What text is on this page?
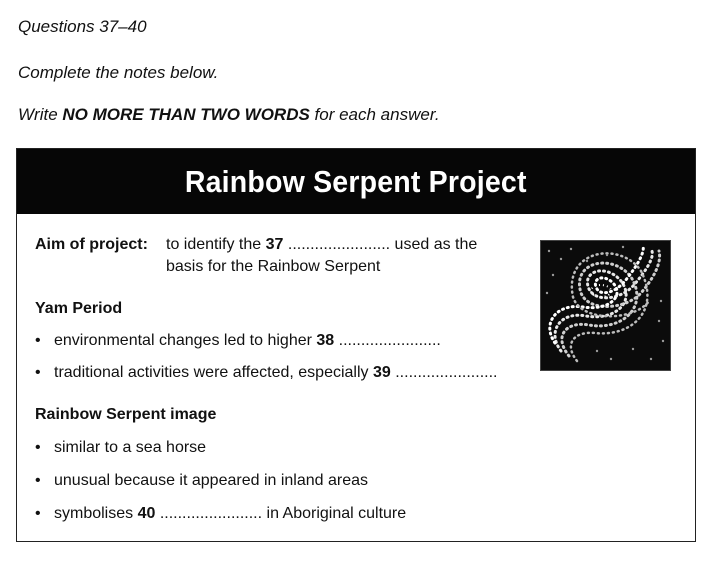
Questions 37–40
Complete the notes below.
Write NO MORE THAN TWO WORDS for each answer.
Rainbow Serpent Project
Aim of project: to identify the 37 ....................... used as the
basis for the Rainbow Serpent
Yam Period
• environmental changes led to higher 38 .......................
• traditional activities were affected, especially 39 .......................
Rainbow Serpent image
• similar to a sea horse
• unusual because it appeared in inland areas
• symbolises 40 ....................... in Aboriginal culture
